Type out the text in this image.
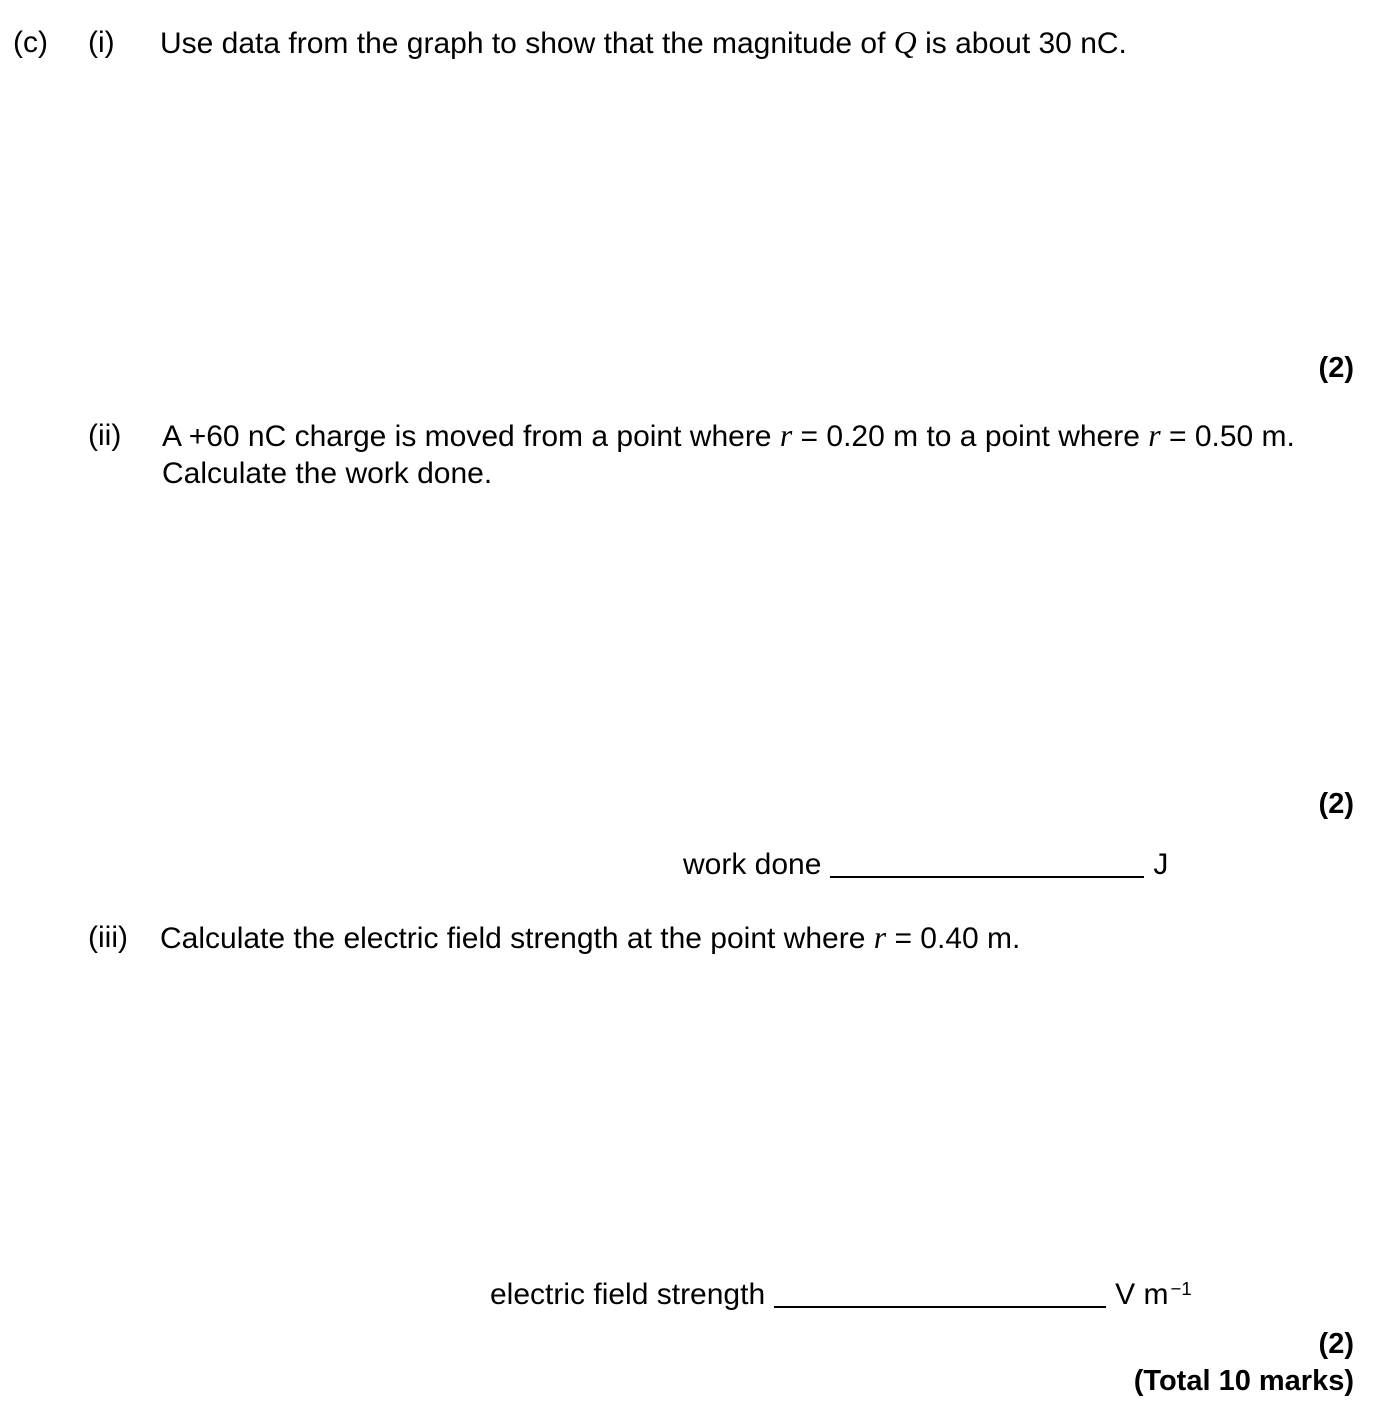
(c) (i) Use data from the graph to show that the magnitude of Q is about 30 nC.
(2)
(ii) A +60 nC charge is moved from a point where r = 0.20 m to a point where r = 0.50 m.
Calculate the work done.
(2)
work done	J
(iii) Calculate the electric field strength at the point where r = 0.40 m.
electric field strength	V m $^{-1}$
(2)
(Total 10 marks)
